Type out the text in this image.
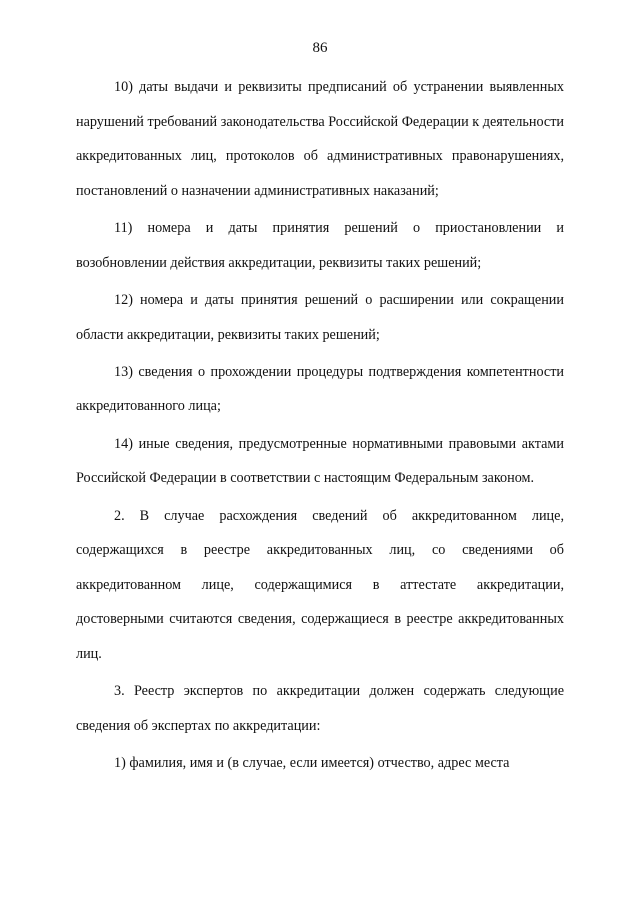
86

10) даты выдачи и реквизиты предписаний об устранении выявленных нарушений требований законодательства Российской Федерации к деятельности аккредитованных лиц, протоколов об административных правонарушениях, постановлений о назначении административных наказаний;

11) номера и даты принятия решений о приостановлении и возобновлении действия аккредитации, реквизиты таких решений;

12) номера и даты принятия решений о расширении или сокращении области аккредитации, реквизиты таких решений;

13) сведения о прохождении процедуры подтверждения компетентности аккредитованного лица;

14) иные сведения, предусмотренные нормативными правовыми актами Российской Федерации в соответствии с настоящим Федеральным законом.

2. В случае расхождения сведений об аккредитованном лице, содержащихся в реестре аккредитованных лиц, со сведениями об аккредитованном лице, содержащимися в аттестате аккредитации, достоверными считаются сведения, содержащиеся в реестре аккредитованных лиц.

3. Реестр экспертов по аккредитации должен содержать следующие сведения об экспертах по аккредитации:

1) фамилия, имя и (в случае, если имеется) отчество, адрес места
